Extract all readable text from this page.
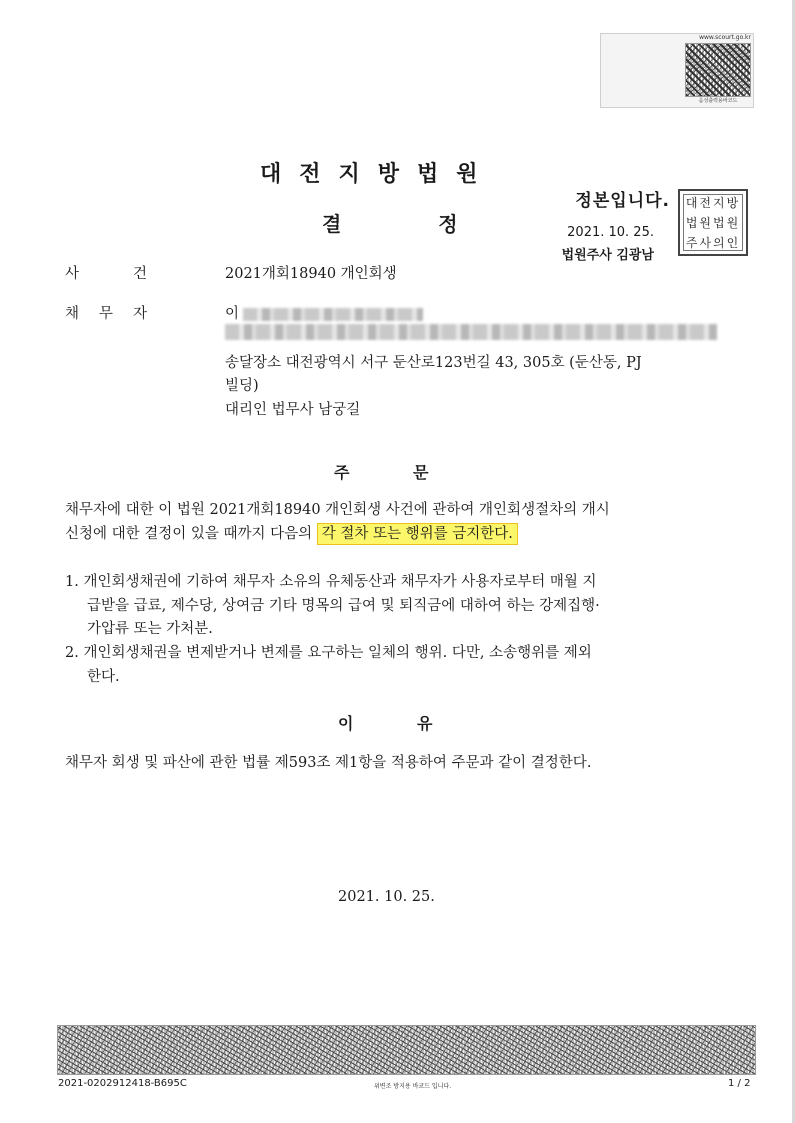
www.scourt.go.kr
음성출력용바코드
대전지방법원
결 정
정본입니다.
2021. 10. 25.
법원주사 김광남
대전지방
법원법원
주사의인
사건 2021개회18940 개인회생
채무자	이
송달장소 대전광역시 서구 둔산로123번길 43, 305호 (둔산동, PJ
빌딩)
대리인 법무사 남궁길
주 문
채무자에 대한 이 법원 2021개회18940 개인회생 사건에 관하여 개인회생절차의 개시
신청에 대한 결정이 있을 때까지 다음의 각 절차 또는 행위를 금지한다.
1. 개인회생채권에 기하여 채무자 소유의 유체동산과 채무자가 사용자로부터 매월 지
급받을 급료, 제수당, 상여금 기타 명목의 급여 및 퇴직금에 대하여 하는 강제집행·
가압류 또는 가처분.
2. 개인회생채권을 변제받거나 변제를 요구하는 일체의 행위. 다만, 소송행위를 제외
한다.
이 유
채무자 회생 및 파산에 관한 법률 제593조 제1항을 적용하여 주문과 같이 결정한다.
2021. 10. 25.
2021-0202912418-B695C	위변조 방지용 바코드 입니다.	1 / 2
